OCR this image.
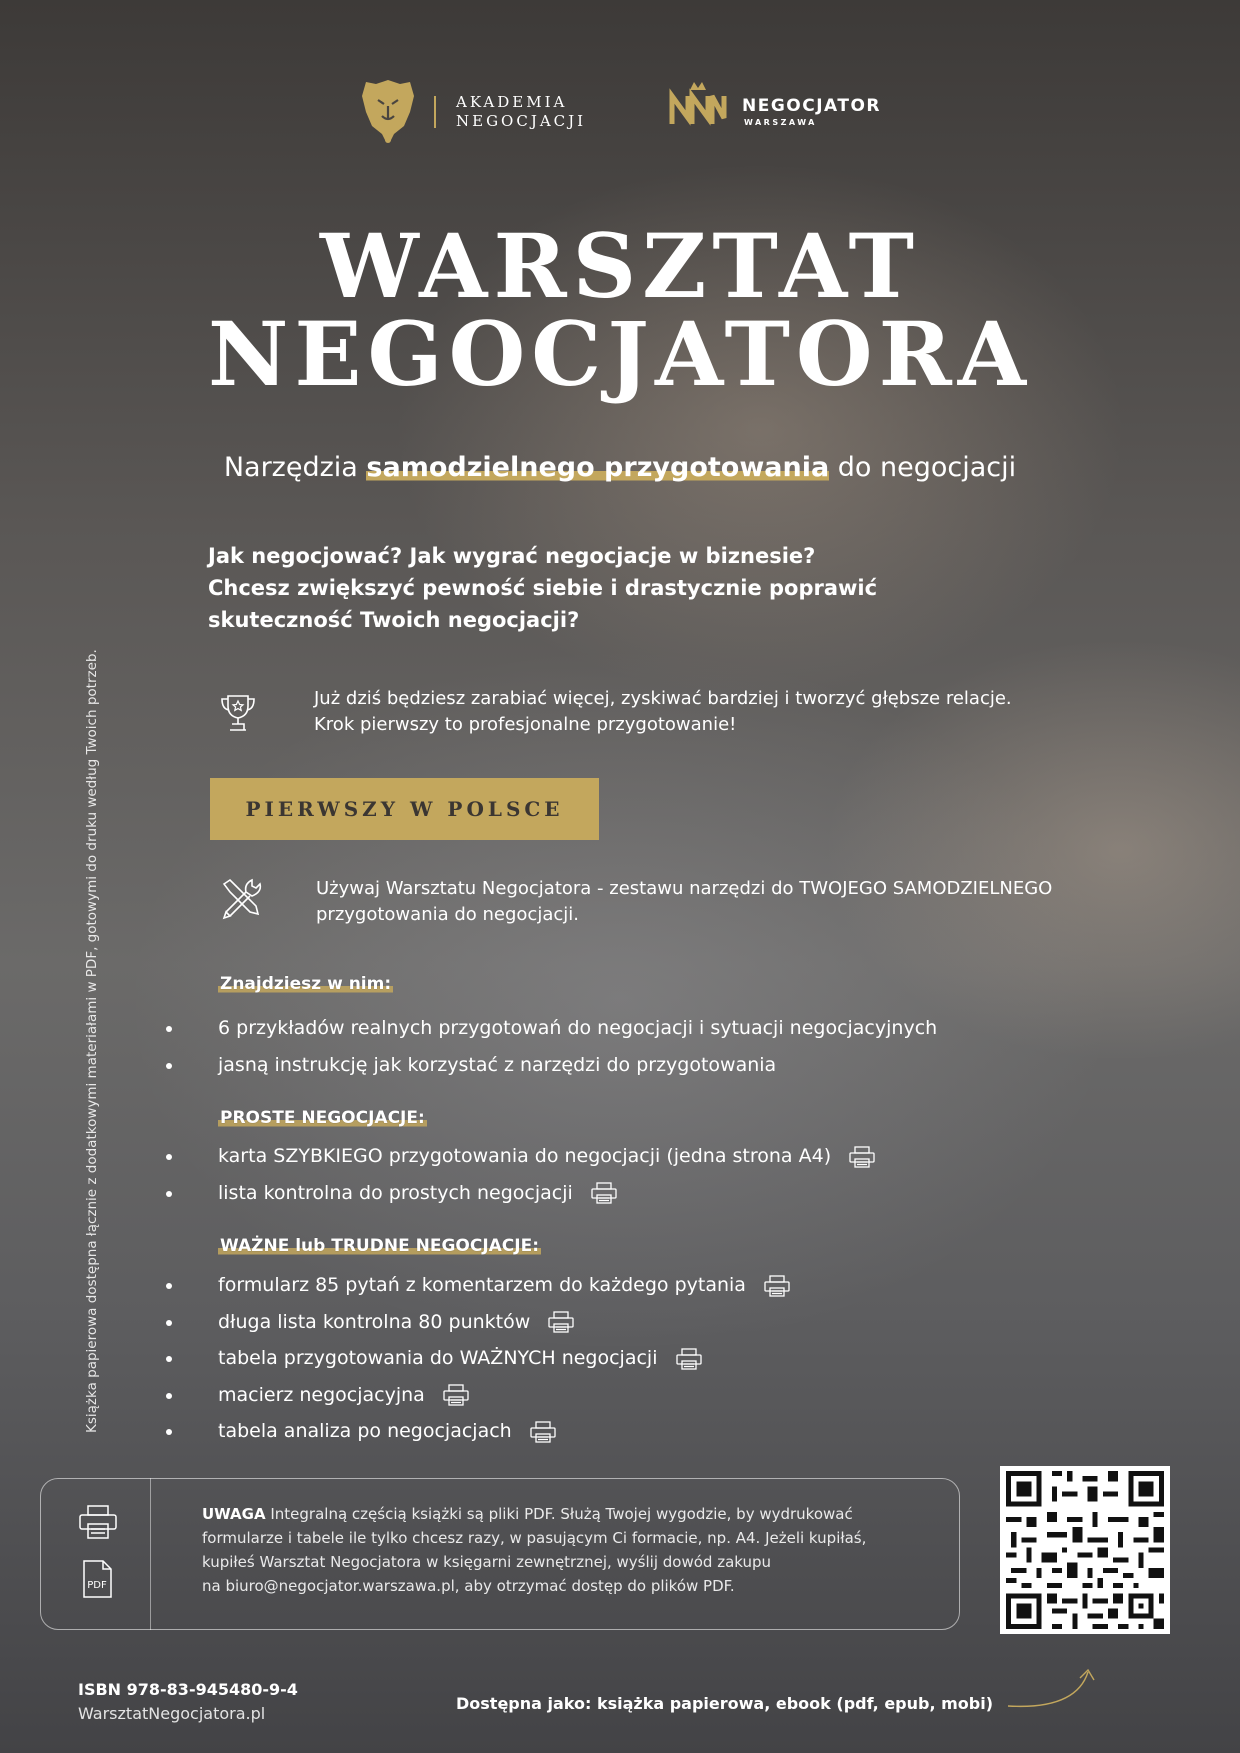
AKADEMIA
NEGOCJACJI
NEGOCJATOR
WARSZAWA
WARSZTAT
NEGOCJATORA
Narzędzia samodzielnego przygotowania do negocjacji
Jak negocjować? Jak wygrać negocjacje w biznesie?
Chcesz zwiększyć pewność siebie i drastycznie poprawić
skuteczność Twoich negocjacji?
Już dziś będziesz zarabiać więcej, zyskiwać bardziej i tworzyć głębsze relacje.
Krok pierwszy to profesjonalne przygotowanie!
PIERWSZY W POLSCE
Używaj Warsztatu Negocjatora - zestawu narzędzi do TWOJEGO SAMODZIELNEGO
przygotowania do negocjacji.
Znajdziesz w nim:
6 przykładów realnych przygotowań do negocjacji i sytuacji negocjacyjnych
jasną instrukcję jak korzystać z narzędzi do przygotowania
PROSTE NEGOCJACJE:
karta SZYBKIEGO przygotowania do negocjacji (jedna strona A4)
lista kontrolna do prostych negocjacji
WAŻNE lub TRUDNE NEGOCJACJE:
formularz 85 pytań z komentarzem do każdego pytania
długa lista kontrolna 80 punktów
tabela przygotowania do WAŻNYCH negocjacji
macierz negocjacyjna
tabela analiza po negocjacjach
PDF
UWAGA Integralną częścią książki są pliki PDF. Służą Twojej wygodzie, by wydrukować
formularze i tabele ile tylko chcesz razy, w pasującym Ci formacie, np. A4. Jeżeli kupiłaś,
kupiłeś Warsztat Negocjatora w księgarni zewnętrznej, wyślij dowód zakupu
na biuro@negocjator.warszawa.pl, aby otrzymać dostęp do plików PDF.
ISBN 978-83-945480-9-4
WarsztatNegocjatora.pl
Dostępna jako: książka papierowa, ebook (pdf, epub, mobi)
Książka papierowa dostępna łącznie z dodatkowymi materiałami w PDF, gotowymi do druku według Twoich potrzeb.
